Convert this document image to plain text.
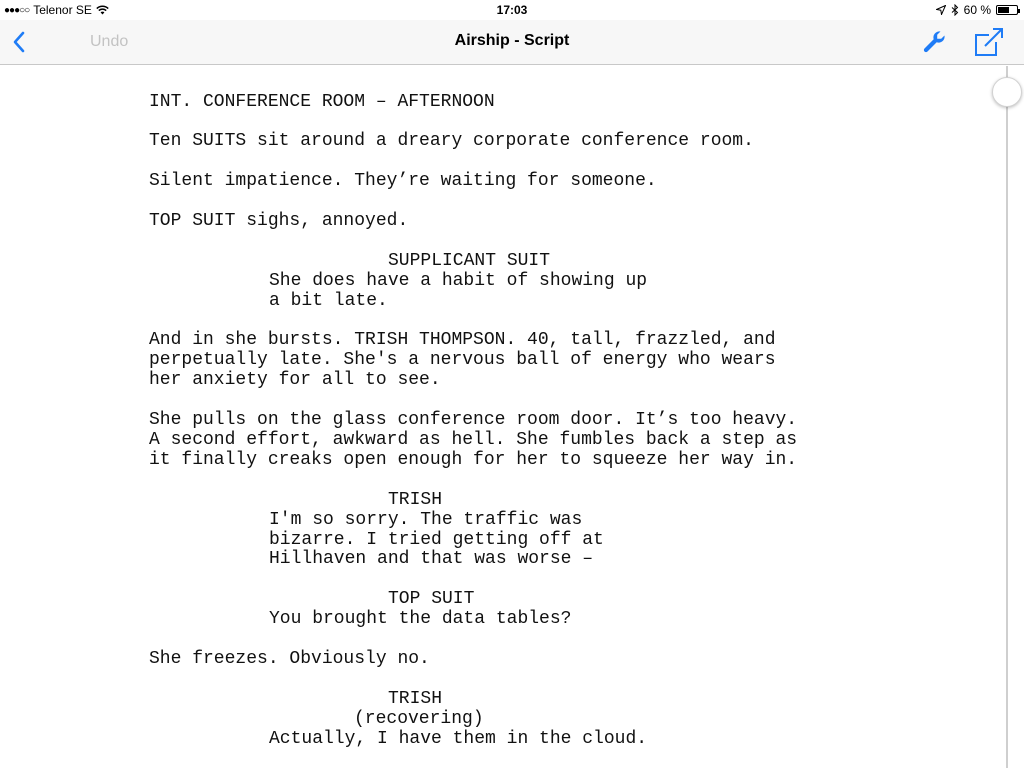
●●●○○ Telenor SE	17:03	60 %
Undo	Airship - Script
INT. CONFERENCE ROOM – AFTERNOON
Ten SUITS sit around a dreary corporate conference room.
Silent impatience. They’re waiting for someone.
TOP SUIT sighs, annoyed.
SUPPLICANT SUIT
She does have a habit of showing up
a bit late.
And in she bursts. TRISH THOMPSON. 40, tall, frazzled, and
perpetually late. She's a nervous ball of energy who wears
her anxiety for all to see.
She pulls on the glass conference room door. It’s too heavy.
A second effort, awkward as hell. She fumbles back a step as
it finally creaks open enough for her to squeeze her way in.
TRISH
I'm so sorry. The traffic was
bizarre. I tried getting off at
Hillhaven and that was worse –
TOP SUIT
You brought the data tables?
She freezes. Obviously no.
TRISH
(recovering)
Actually, I have them in the cloud.
